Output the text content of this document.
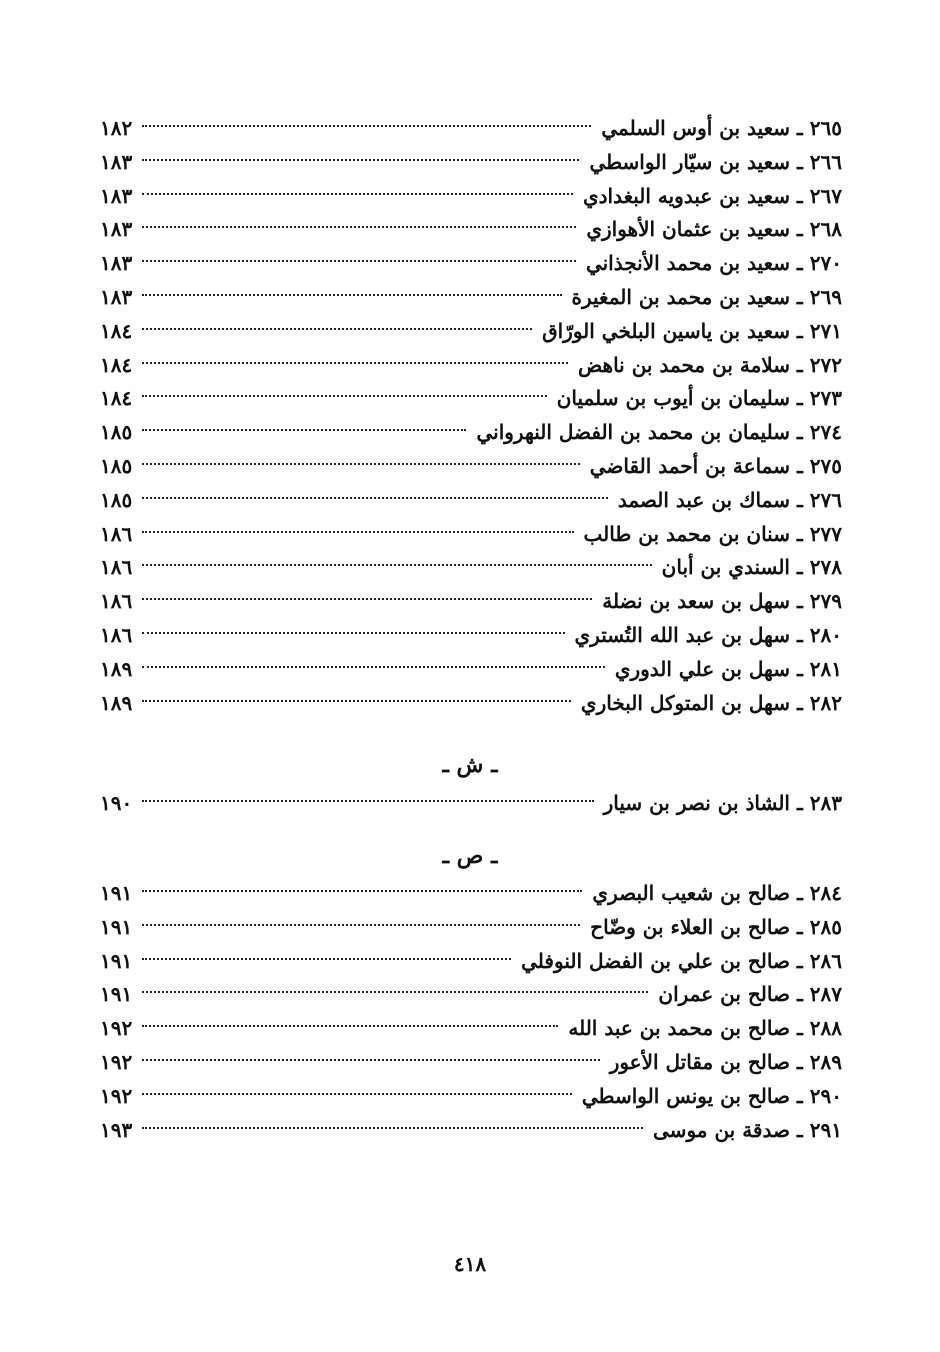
٢٦٥ ـ سعيد بن أوس السلمي
١٨٢
٢٦٦ ـ سعيد بن سيّار الواسطي
١٨٣
٢٦٧ ـ سعيد بن عبدويه البغدادي
١٨٣
٢٦٨ ـ سعيد بن عثمان الأهوازي
١٨٣
٢٧٠ ـ سعيد بن محمد الأنجذاني
١٨٣
٢٦٩ ـ سعيد بن محمد بن المغيرة
١٨٣
٢٧١ ـ سعيد بن ياسين البلخي الورّاق
١٨٤
٢٧٢ ـ سلامة بن محمد بن ناهض
١٨٤
٢٧٣ ـ سليمان بن أيوب بن سلميان
١٨٤
٢٧٤ ـ سليمان بن محمد بن الفضل النهرواني
١٨٥
٢٧٥ ـ سماعة بن أحمد القاضي
١٨٥
٢٧٦ ـ سماك بن عبد الصمد
١٨٥
٢٧٧ ـ سنان بن محمد بن طالب
١٨٦
٢٧٨ ـ السندي بن أبان
١٨٦
٢٧٩ ـ سهل بن سعد بن نضلة
١٨٦
٢٨٠ ـ سهل بن عبد الله التُستري
١٨٦
٢٨١ ـ سهل بن علي الدوري
١٨٩
٢٨٢ ـ سهل بن المتوكل البخاري
١٨٩
ـ ش ـ
٢٨٣ ـ الشاذ بن نصر بن سيار
١٩٠
ـ ص ـ
٢٨٤ ـ صالح بن شعيب البصري
١٩١
٢٨٥ ـ صالح بن العلاء بن وضّاح
١٩١
٢٨٦ ـ صالح بن علي بن الفضل النوفلي
١٩١
٢٨٧ ـ صالح بن عمران
١٩١
٢٨٨ ـ صالح بن محمد بن عبد الله
١٩٢
٢٨٩ ـ صالح بن مقاتل الأعور
١٩٢
٢٩٠ ـ صالح بن يونس الواسطي
١٩٢
٢٩١ ـ صدقة بن موسى
١٩٣
٤١٨
